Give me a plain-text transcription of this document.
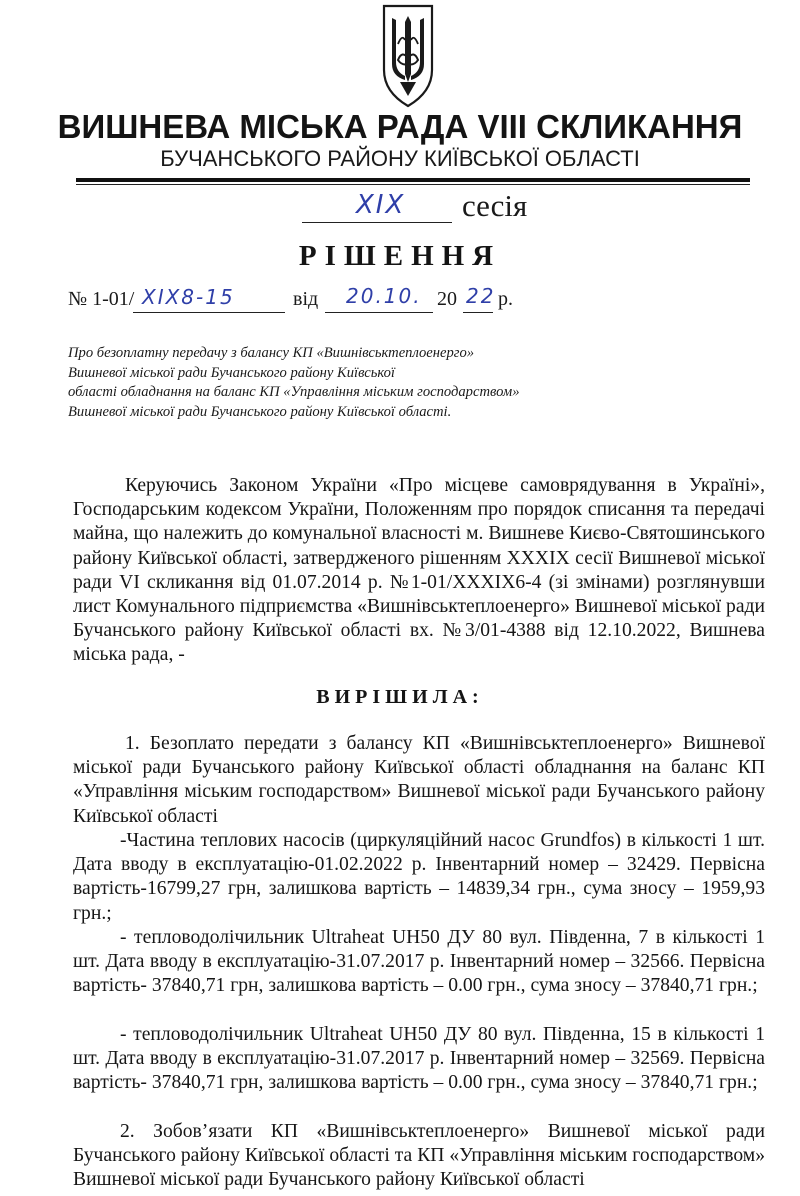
ВИШНЕВА МІСЬКА РАДА VIII СКЛИКАННЯ
БУЧАНСЬКОГО РАЙОНУ КИЇВСЬКОЇ ОБЛАСТІ
XIX сесія
РІШЕННЯ
№ 1-01/ XIX8-15	від 20.10. 20 22 р.
Про безоплатну передачу з балансу КП «Вишнівськтеплоенерго»
Вишневої міської ради Бучанського району Київської
області обладнання на баланс КП «Управління міським господарством»
Вишневої міської ради Бучанського району Київської області.

Керуючись Законом України «Про місцеве самоврядування в Україні», Господарським кодексом України, Положенням про порядок списання та передачі майна, що належить до комунальної власності м. Вишневе Києво-Святошинського району Київської області, затвердженого рішенням XXXIX сесії Вишневої міської ради VI скликання від 01.07.2014 р. №1-01/XXXIX6-4 (зі змінами) розглянувши лист Комунального підприємства «Вишнівськтеплоенерго» Вишневої міської ради Бучанського району Київської області вх. №3/01-4388 від 12.10.2022, Вишнева міська рада, -

ВИРІШИЛА:

1. Безоплато передати з балансу КП «Вишнівськтеплоенерго» Вишневої міської ради Бучанського району Київської області обладнання на баланс КП «Управління міським господарством» Вишневої міської ради Бучанського району Київської області

-Частина теплових насосів (циркуляційний насос Grundfos) в кількості 1 шт. Дата вводу в експлуатацію-01.02.2022 р. Інвентарний номер – 32429. Первісна вартість-16799,27 грн, залишкова вартість – 14839,34 грн., сума зносу – 1959,93 грн.;

- тепловодолічильник Ultraheat UH50 ДУ 80 вул. Південна, 7 в кількості 1 шт. Дата вводу в експлуатацію-31.07.2017 р. Інвентарний номер – 32566. Первісна вартість- 37840,71 грн, залишкова вартість – 0.00 грн., сума зносу – 37840,71 грн.;

- тепловодолічильник Ultraheat UH50 ДУ 80 вул. Південна, 15 в кількості 1 шт. Дата вводу в експлуатацію-31.07.2017 р. Інвентарний номер – 32569. Первісна вартість- 37840,71 грн, залишкова вартість – 0.00 грн., сума зносу – 37840,71 грн.;

2. Зобов’язати КП «Вишнівськтеплоенерго» Вишневої міської ради Бучанського району Київської області та КП «Управління міським господарством» Вишневої міської ради Бучанського району Київської області
